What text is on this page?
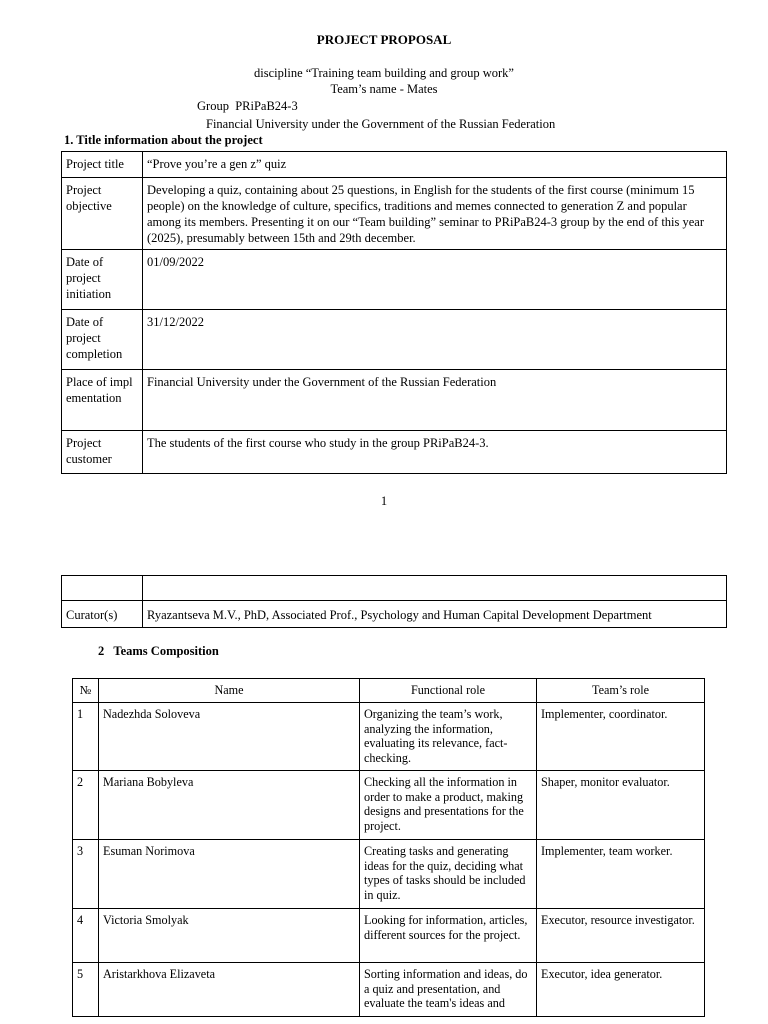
PROJECT PROPOSAL
discipline “Training team building and group work”
Team’s name - Mates
Group  PRiPaB24-3
Financial University under the Government of the Russian Federation
1. Title information about the project
Project title	“Prove you’re a gen z” quiz
Project objective	Developing a quiz, containing about 25 questions, in English for the students of the first course (minimum 15 people) on the knowledge of culture, specifics, traditions and memes connected to generation Z and popular among its members. Presenting it on our “Team building” seminar to PRiPaB24-3 group by the end of this year (2025), presumably between 15th and 29th december.
Date of project initiation	01/09/2022
Date of project completion	31/12/2022
Place of implementation	Financial University under the Government of the Russian Federation
Project customer	The students of the first course who study in the group PRiPaB24-3.
1

Curator(s)	Ryazantseva M.V., PhD, Associated Prof., Psychology and Human Capital Development Department
2   Teams Composition
№	Name	Functional role	Team’s role
1	Nadezhda Soloveva	Organizing the team’s work, analyzing the information, evaluating its relevance, fact-checking.	Implementer, coordinator.
2	Mariana Bobyleva	Checking all the information in order to make a product, making designs and presentations for the project.	Shaper, monitor evaluator.
3	Esuman Norimova	Creating tasks and generating ideas for the quiz, deciding what types of tasks should be included in quiz.	Implementer, team worker.
4	Victoria Smolyak	Looking for information, articles, different sources for the project.	Executor, resource investigator.
5	Aristarkhova Elizaveta	Sorting information and ideas, do a quiz and presentation, and evaluate the team's ideas and	Executor, idea generator.
